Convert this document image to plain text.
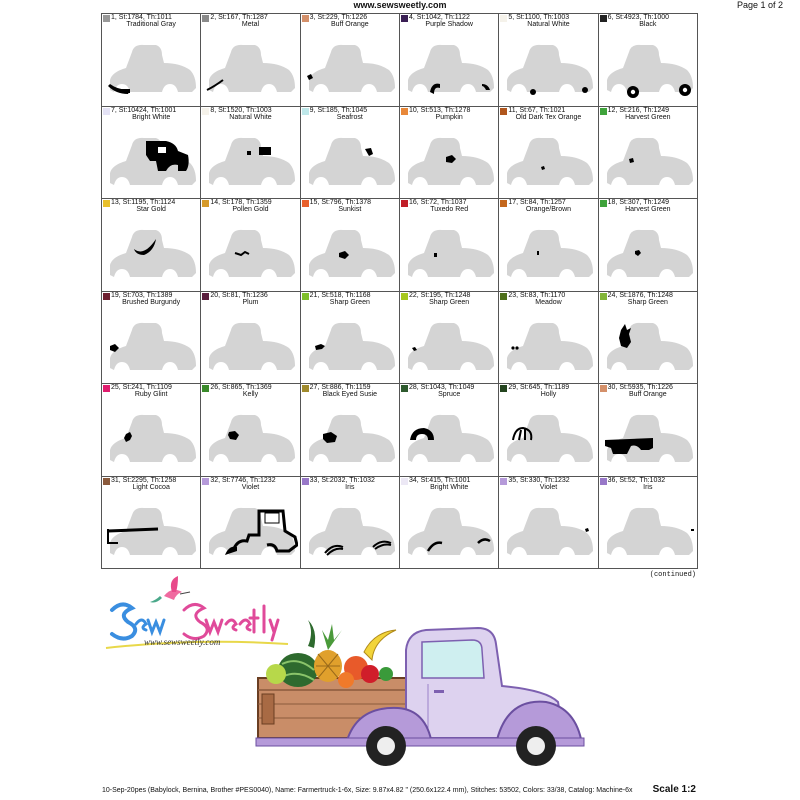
www.sewsweetly.com	Page 1 of 2
1, St:1784, Th:1011
Traditional Gray
2, St:167, Th:1287
Metal
3, St:229, Th:1226
Buff Orange
4, St:1042, Th:1122
Purple Shadow
5, St:1100, Th:1003
Natural White
6, St:4923, Th:1000
Black
7, St:10424, Th:1001
Bright White
8, St:1520, Th:1003
Natural White
9, St:185, Th:1045
Seafrost
10, St:513, Th:1278
Pumpkin
11, St:67, Th:1021
Old Dark Tex Orange
12, St:216, Th:1249
Harvest Green
13, St:1195, Th:1124
Star Gold
14, St:178, Th:1359
Pollen Gold
15, St:796, Th:1378
Sunkist
16, St:72, Th:1037
Tuxedo Red
17, St:84, Th:1257
Orange/Brown
18, St:307, Th:1249
Harvest Green
19, St:703, Th:1389
Brushed Burgundy
20, St:81, Th:1236
Plum
21, St:518, Th:1168
Sharp Green
22, St:195, Th:1248
Sharp Green
23, St:83, Th:1170
Meadow
24, St:1876, Th:1248
Sharp Green
25, St:241, Th:1109
Ruby Glint
26, St:865, Th:1369
Kelly
27, St:886, Th:1159
Black Eyed Susie
28, St:1043, Th:1049
Spruce
29, St:645, Th:1189
Holly
30, St:5935, Th:1226
Buff Orange
31, St:2295, Th:1258
Light Cocoa
32, St:7746, Th:1232
Violet
33, St:2032, Th:1032
Iris
34, St:415, Th:1001
Bright White
35, St:330, Th:1232
Violet
36, St:52, Th:1032
Iris
(continued)
www.sewsweetly.com
10-Sep-20pes (Babylock, Bernina, Brother #PES0040), Name: Farmertruck-1-6x, Size: 9.87x4.82 " (250.6x122.4 mm), Stitches: 53502, Colors: 33/38, Catalog: Machine-6x Scale 1:2
